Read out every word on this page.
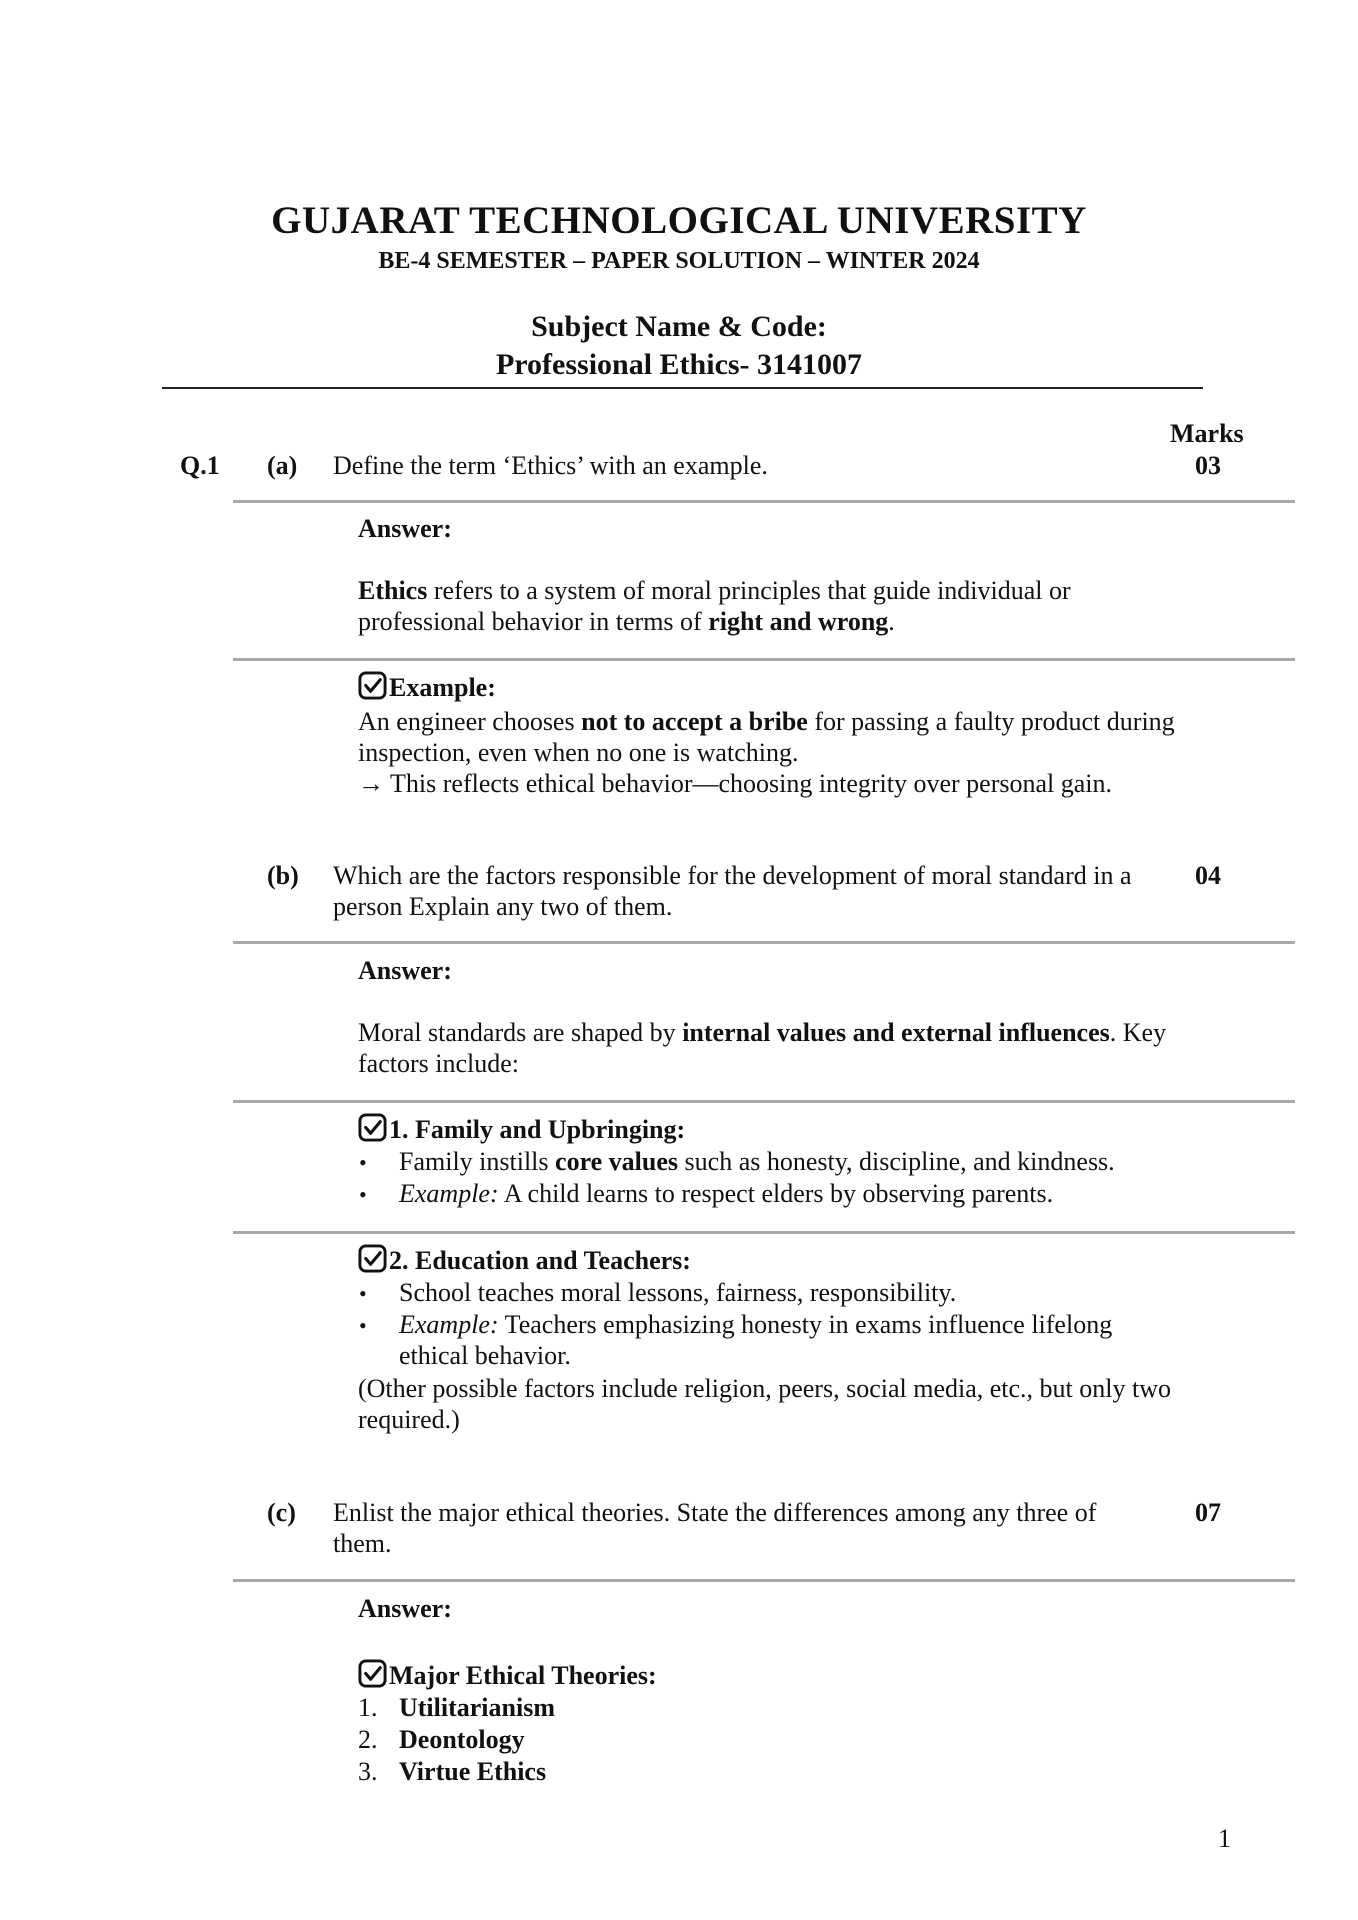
GUJARAT TECHNOLOGICAL UNIVERSITY
BE-4 SEMESTER – PAPER SOLUTION – WINTER 2024
Subject Name & Code:
Professional Ethics- 3141007
Marks
Q.1 (a) Define the term ‘Ethics’ with an example.	03
Answer:
Ethics refers to a system of moral principles that guide individual or professional behavior in terms of right and wrong.
Example:
An engineer chooses not to accept a bribe for passing a faulty product during inspection, even when no one is watching.
→ This reflects ethical behavior—choosing integrity over personal gain.
(b) Which are the factors responsible for the development of moral standard in a person Explain any two of them.
04
Answer:
Moral standards are shaped by internal values and external influences. Key factors include:
1. Family and Upbringing:
• Family instills core values such as honesty, discipline, and kindness.
• Example: A child learns to respect elders by observing parents.
2. Education and Teachers:
• School teaches moral lessons, fairness, responsibility.
• Example: Teachers emphasizing honesty in exams influence lifelong ethical behavior.
(Other possible factors include religion, peers, social media, etc., but only two required.)
(c) Enlist the major ethical theories. State the differences among any three of them.
07
Answer:
Major Ethical Theories:
1. Utilitarianism
2. Deontology
3. Virtue Ethics
1
